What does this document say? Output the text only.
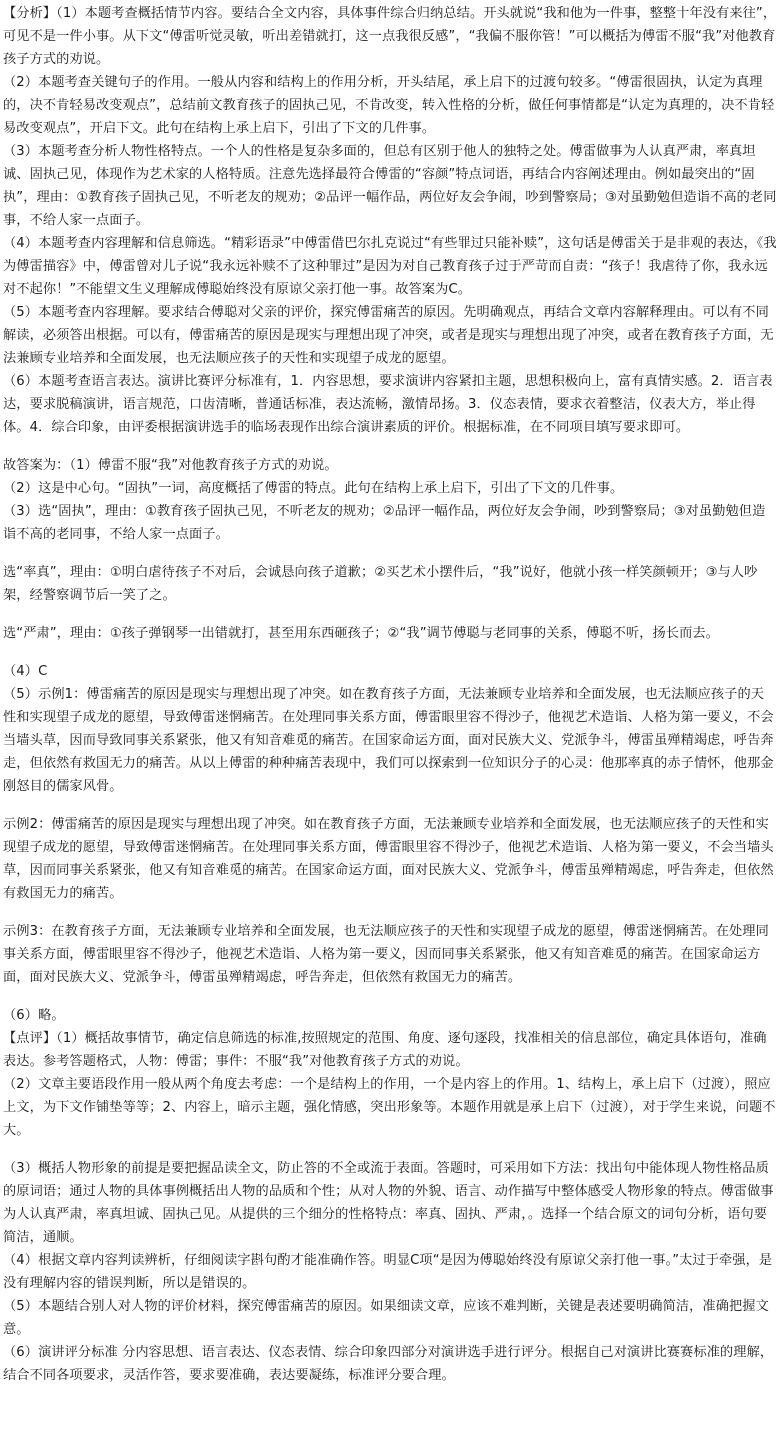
【分析】（1）本题考查概括情节内容。要结合全文内容，具体事件综合归纳总结。开头就说“我和他为一件事，整整十年没有来往”，可见不是一件小事。从下文“傅雷听觉灵敏，听出差错就打，这一点我很反感”，“我偏不服你管！”可以概括为傅雷不服“我”对他教育孩子方式的劝说。

（2）本题考查关键句子的作用。一般从内容和结构上的作用分析，开头结尾，承上启下的过渡句较多。“傅雷很固执，认定为真理的，决不肯轻易改变观点”，总结前文教育孩子的固执己见，不肯改变，转入性格的分析，做任何事情都是“认定为真理的，决不肯轻易改变观点”，开启下文。此句在结构上承上启下，引出了下文的几件事。

（3）本题考查分析人物性格特点。一个人的性格是复杂多面的，但总有区别于他人的独特之处。傅雷做事为人认真严肃，率真坦诚、固执己见，体现作为艺术家的人格特质。注意先选择最符合傅雷的“容颜”特点词语，再结合内容阐述理由。例如最突出的“固执”，理由：①教育孩子固执己见，不听老友的规劝；②品评一幅作品，两位好友会争闹，吵到警察局；③对虽勤勉但造诣不高的老同事，不给人家一点面子。

（4）本题考查内容理解和信息筛选。“精彩语录”中傅雷借巴尔扎克说过“有些罪过只能补赎”，这句话是傅雷关于是非观的表达，《我为傅雷描容》中，傅雷曾对儿子说“我永远补赎不了这种罪过”是因为对自己教育孩子过于严苛而自责：“孩子！我虐待了你，我永远对不起你！”不能望文生义理解成傅聪始终没有原谅父亲打他一事。故答案为C。

（5）本题考查内容理解。要求结合傅聪对父亲的评价，探究傅雷痛苦的原因。先明确观点，再结合文章内容解释理由。可以有不同解读，必须答出根据。可以有，傅雷痛苦的原因是现实与理想出现了冲突，或者是现实与理想出现了冲突，或者在教育孩子方面，无法兼顾专业培养和全面发展，也无法顺应孩子的天性和实现望子成龙的愿望。

（6）本题考查语言表达。演讲比赛评分标准有，1．内容思想，要求演讲内容紧扣主题，思想积极向上，富有真情实感。2．语言表达，要求脱稿演讲，语言规范，口齿清晰，普通话标准，表达流畅，激情昂扬。3．仪态表情，要求衣着整洁，仪表大方，举止得体。4．综合印象，由评委根据演讲选手的临场表现作出综合演讲素质的评价。根据标准，在不同项目填写要求即可。

故答案为：（1）傅雷不服“我”对他教育孩子方式的劝说。

（2）这是中心句。“固执”一词，高度概括了傅雷的特点。此句在结构上承上启下，引出了下文的几件事。

（3）选“固执”，理由：①教育孩子固执己见，不听老友的规劝；②品评一幅作品，两位好友会争闹，吵到警察局；③对虽勤勉但造诣不高的老同事，不给人家一点面子。

选“率真”，理由：①明白虐待孩子不对后，会诚恳向孩子道歉；②买艺术小摆件后，“我”说好，他就小孩一样笑颜顿开；③与人吵架，经警察调节后一笑了之。

选“严肃”，理由：①孩子弹钢琴一出错就打，甚至用东西砸孩子；②“我”调节傅聪与老同事的关系，傅聪不听，扬长而去。

（4）C

（5）示例1：傅雷痛苦的原因是现实与理想出现了冲突。如在教育孩子方面，无法兼顾专业培养和全面发展，也无法顺应孩子的天性和实现望子成龙的愿望，导致傅雷迷惘痛苦。在处理同事关系方面，傅雷眼里容不得沙子，他视艺术造诣、人格为第一要义，不会当墙头草，因而导致同事关系紧张，他又有知音难觅的痛苦。在国家命运方面，面对民族大义、党派争斗，傅雷虽殚精竭虑，呼告奔走，但依然有救国无力的痛苦。从以上傅雷的种种痛苦表现中，我们可以探索到一位知识分子的心灵：他那率真的赤子情怀，他那金刚怒目的儒家风骨。

示例2：傅雷痛苦的原因是现实与理想出现了冲突。如在教育孩子方面，无法兼顾专业培养和全面发展，也无法顺应孩子的天性和实现望子成龙的愿望，导致傅雷迷惘痛苦。在处理同事关系方面，傅雷眼里容不得沙子，他视艺术造诣、人格为第一要义，不会当墙头草，因而同事关系紧张，他又有知音难觅的痛苦。在国家命运方面，面对民族大义、党派争斗，傅雷虽殚精竭虑，呼告奔走，但依然有救国无力的痛苦。

示例3：在教育孩子方面，无法兼顾专业培养和全面发展，也无法顺应孩子的天性和实现望子成龙的愿望，傅雷迷惘痛苦。在处理同事关系方面，傅雷眼里容不得沙子，他视艺术造诣、人格为第一要义，因而同事关系紧张，他又有知音难觅的痛苦。在国家命运方面，面对民族大义、党派争斗，傅雷虽殚精竭虑，呼告奔走，但依然有救国无力的痛苦。

（6）略。

【点评】（1）概括故事情节，确定信息筛选的标准,按照规定的范围、角度、逐句逐段，找准相关的信息部位，确定具体语句，准确表达。参考答题格式，人物：傅雷；事件：不服“我”对他教育孩子方式的劝说。

（2）文章主要语段作用一般从两个角度去考虑：一个是结构上的作用，一个是内容上的作用。1、结构上，承上启下（过渡），照应上文，为下文作铺垫等等；2、内容上，暗示主题，强化情感，突出形象等。本题作用就是承上启下（过渡），对于学生来说，问题不大。

（3）概括人物形象的前提是要把握品读全文，防止答的不全或流于表面。答题时，可采用如下方法：找出句中能体现人物性格品质的原词语；通过人物的具体事例概括出人物的品质和个性；从对人物的外貌、语言、动作描写中整体感受人物形象的特点。傅雷做事为人认真严肃，率真坦诚、固执己见。从提供的三个细分的性格特点：率真、固执、严肃，。选择一个结合原文的词句分析，语句要简洁，通顺。

（4）根据文章内容判读辨析，仔细阅读字斟句酌才能准确作答。明显C项“是因为傅聪始终没有原谅父亲打他一事。”太过于牵强，是没有理解内容的错误判断，所以是错误的。

（5）本题结合别人对人物的评价材料，探究傅雷痛苦的原因。如果细读文章，应该不难判断，关键是表述要明确简洁，准确把握文意。

（6）演讲评分标准 分内容思想、语言表达、仪态表情、综合印象四部分对演讲选手进行评分。根据自己对演讲比赛赛标准的理解，结合不同各项要求，灵活作答，要求要准确，表达要凝练，标准评分要合理。
